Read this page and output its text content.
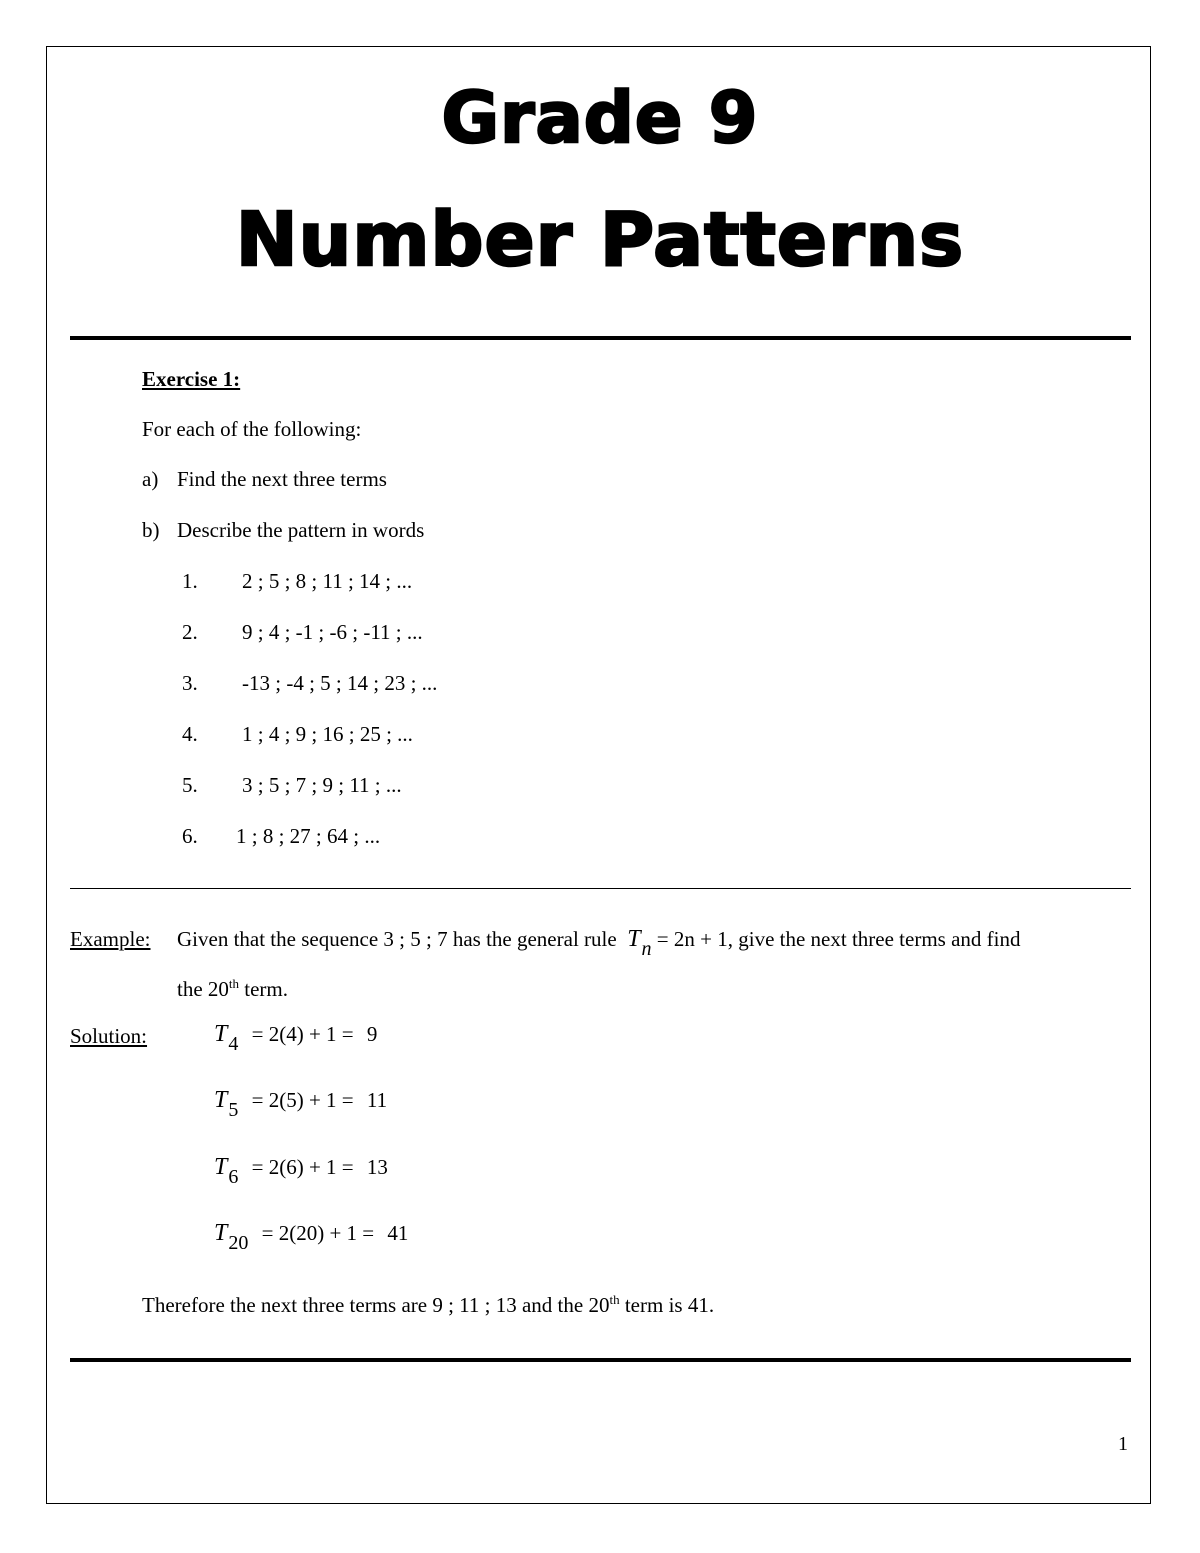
Grade 9
Number Patterns
Exercise 1:
For each of the following:
a) Find the next three terms
b) Describe the pattern in words
1. 2 ; 5 ; 8 ; 11 ; 14 ; ...
2. 9 ; 4 ; -1 ; -6 ; -11 ; ...
3. -13 ; -4 ; 5 ; 14 ; 23 ; ...
4. 1 ; 4 ; 9 ; 16 ; 25 ; ...
5. 3 ; 5 ; 7 ; 9 ; 11 ; ...
6. 1 ; 8 ; 27 ; 64 ; ...
Example: Given that the sequence 3 ; 5 ; 7 has the general rule Tn = 2n + 1, give the next three terms and find
the 20th term.
Solution:	T4 = 2(4) + 1 = 9
T5 = 2(5) + 1 = 11
T6 = 2(6) + 1 = 13
T20 = 2(20) + 1 = 41
Therefore the next three terms are 9 ; 11 ; 13 and the 20th term is 41.
1
